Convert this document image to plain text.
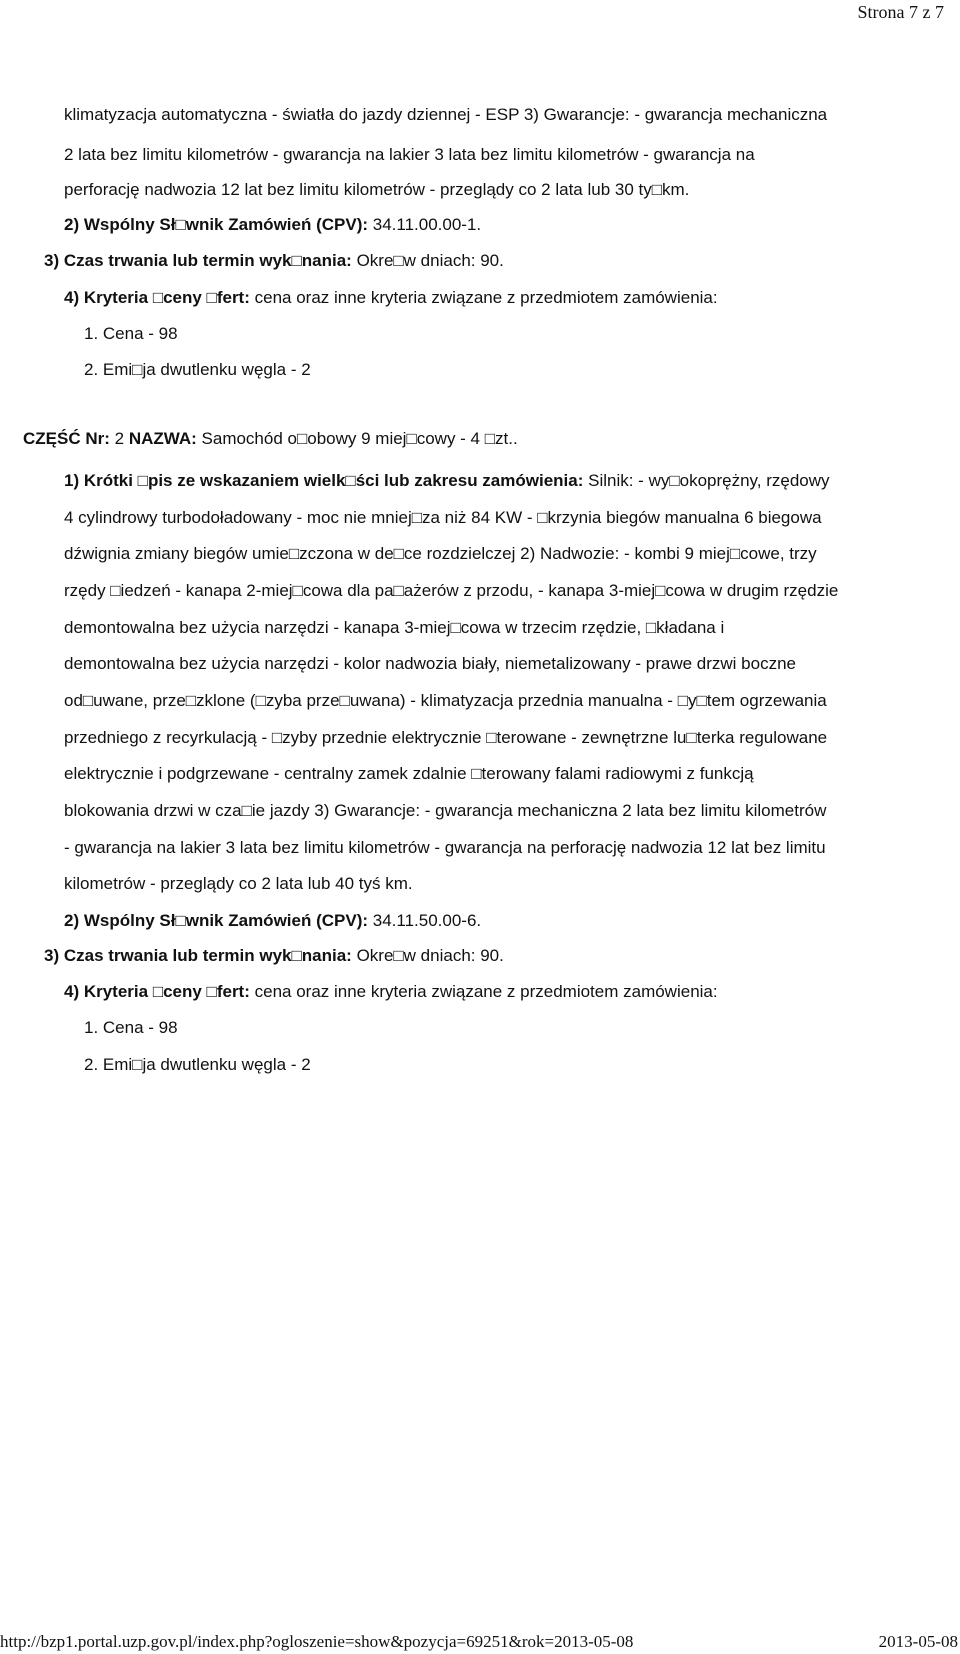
Strona 7 z 7
klimatyzacja automatyczna - światła do jazdy dziennej - ESP 3) Gwarancje: - gwarancja mechaniczna
2 lata bez limitu kilometrów - gwarancja na lakier 3 lata bez limitu kilometrów - gwarancja na
perforację nadwozia 12 lat bez limitu kilometrów - przeglądy co 2 lata lub 30 ty□km.
2) Wspólny Sł□wnik Zamówień (CPV): 34.11.00.00-1.
3) Czas trwania lub termin wyk□nania: Okre□w dniach: 90.
4) Kryteria □ceny □fert: cena oraz inne kryteria związane z przedmiotem zamówienia:
1. Cena - 98
2. Emi□ja dwutlenku węgla - 2
CZĘŚĆ Nr: 2 NAZWA: Samochód o□obowy 9 miej□cowy - 4 □zt..
1) Krótki □pis ze wskazaniem wielk□ści lub zakresu zamówienia: Silnik: - wy□okoprężny, rzędowy
4 cylindrowy turbodoładowany - moc nie mniej□za niż 84 KW - □krzynia biegów manualna 6 biegowa
dźwignia zmiany biegów umie□zczona w de□ce rozdzielczej 2) Nadwozie: - kombi 9 miej□cowe, trzy
rzędy □iedzeń - kanapa 2-miej□cowa dla pa□ażerów z przodu, - kanapa 3-miej□cowa w drugim rzędzie
demontowalna bez użycia narzędzi - kanapa 3-miej□cowa w trzecim rzędzie, □kładana i
demontowalna bez użycia narzędzi - kolor nadwozia biały, niemetalizowany - prawe drzwi boczne
od□uwane, prze□zklone (□zyba prze□uwana) - klimatyzacja przednia manualna - □y□tem ogrzewania
przedniego z recyrkulacją - □zyby przednie elektrycznie □terowane - zewnętrzne lu□terka regulowane
elektrycznie i podgrzewane - centralny zamek zdalnie □terowany falami radiowymi z funkcją
blokowania drzwi w cza□ie jazdy 3) Gwarancje: - gwarancja mechaniczna 2 lata bez limitu kilometrów
- gwarancja na lakier 3 lata bez limitu kilometrów - gwarancja na perforację nadwozia 12 lat bez limitu
kilometrów - przeglądy co 2 lata lub 40 tyś km.
2) Wspólny Sł□wnik Zamówień (CPV): 34.11.50.00-6.
3) Czas trwania lub termin wyk□nania: Okre□w dniach: 90.
4) Kryteria □ceny □fert: cena oraz inne kryteria związane z przedmiotem zamówienia:
1. Cena - 98
2. Emi□ja dwutlenku węgla - 2
http://bzp1.portal.uzp.gov.pl/index.php?ogloszenie=show&pozycja=69251&rok=2013-05-08	2013-05-08
